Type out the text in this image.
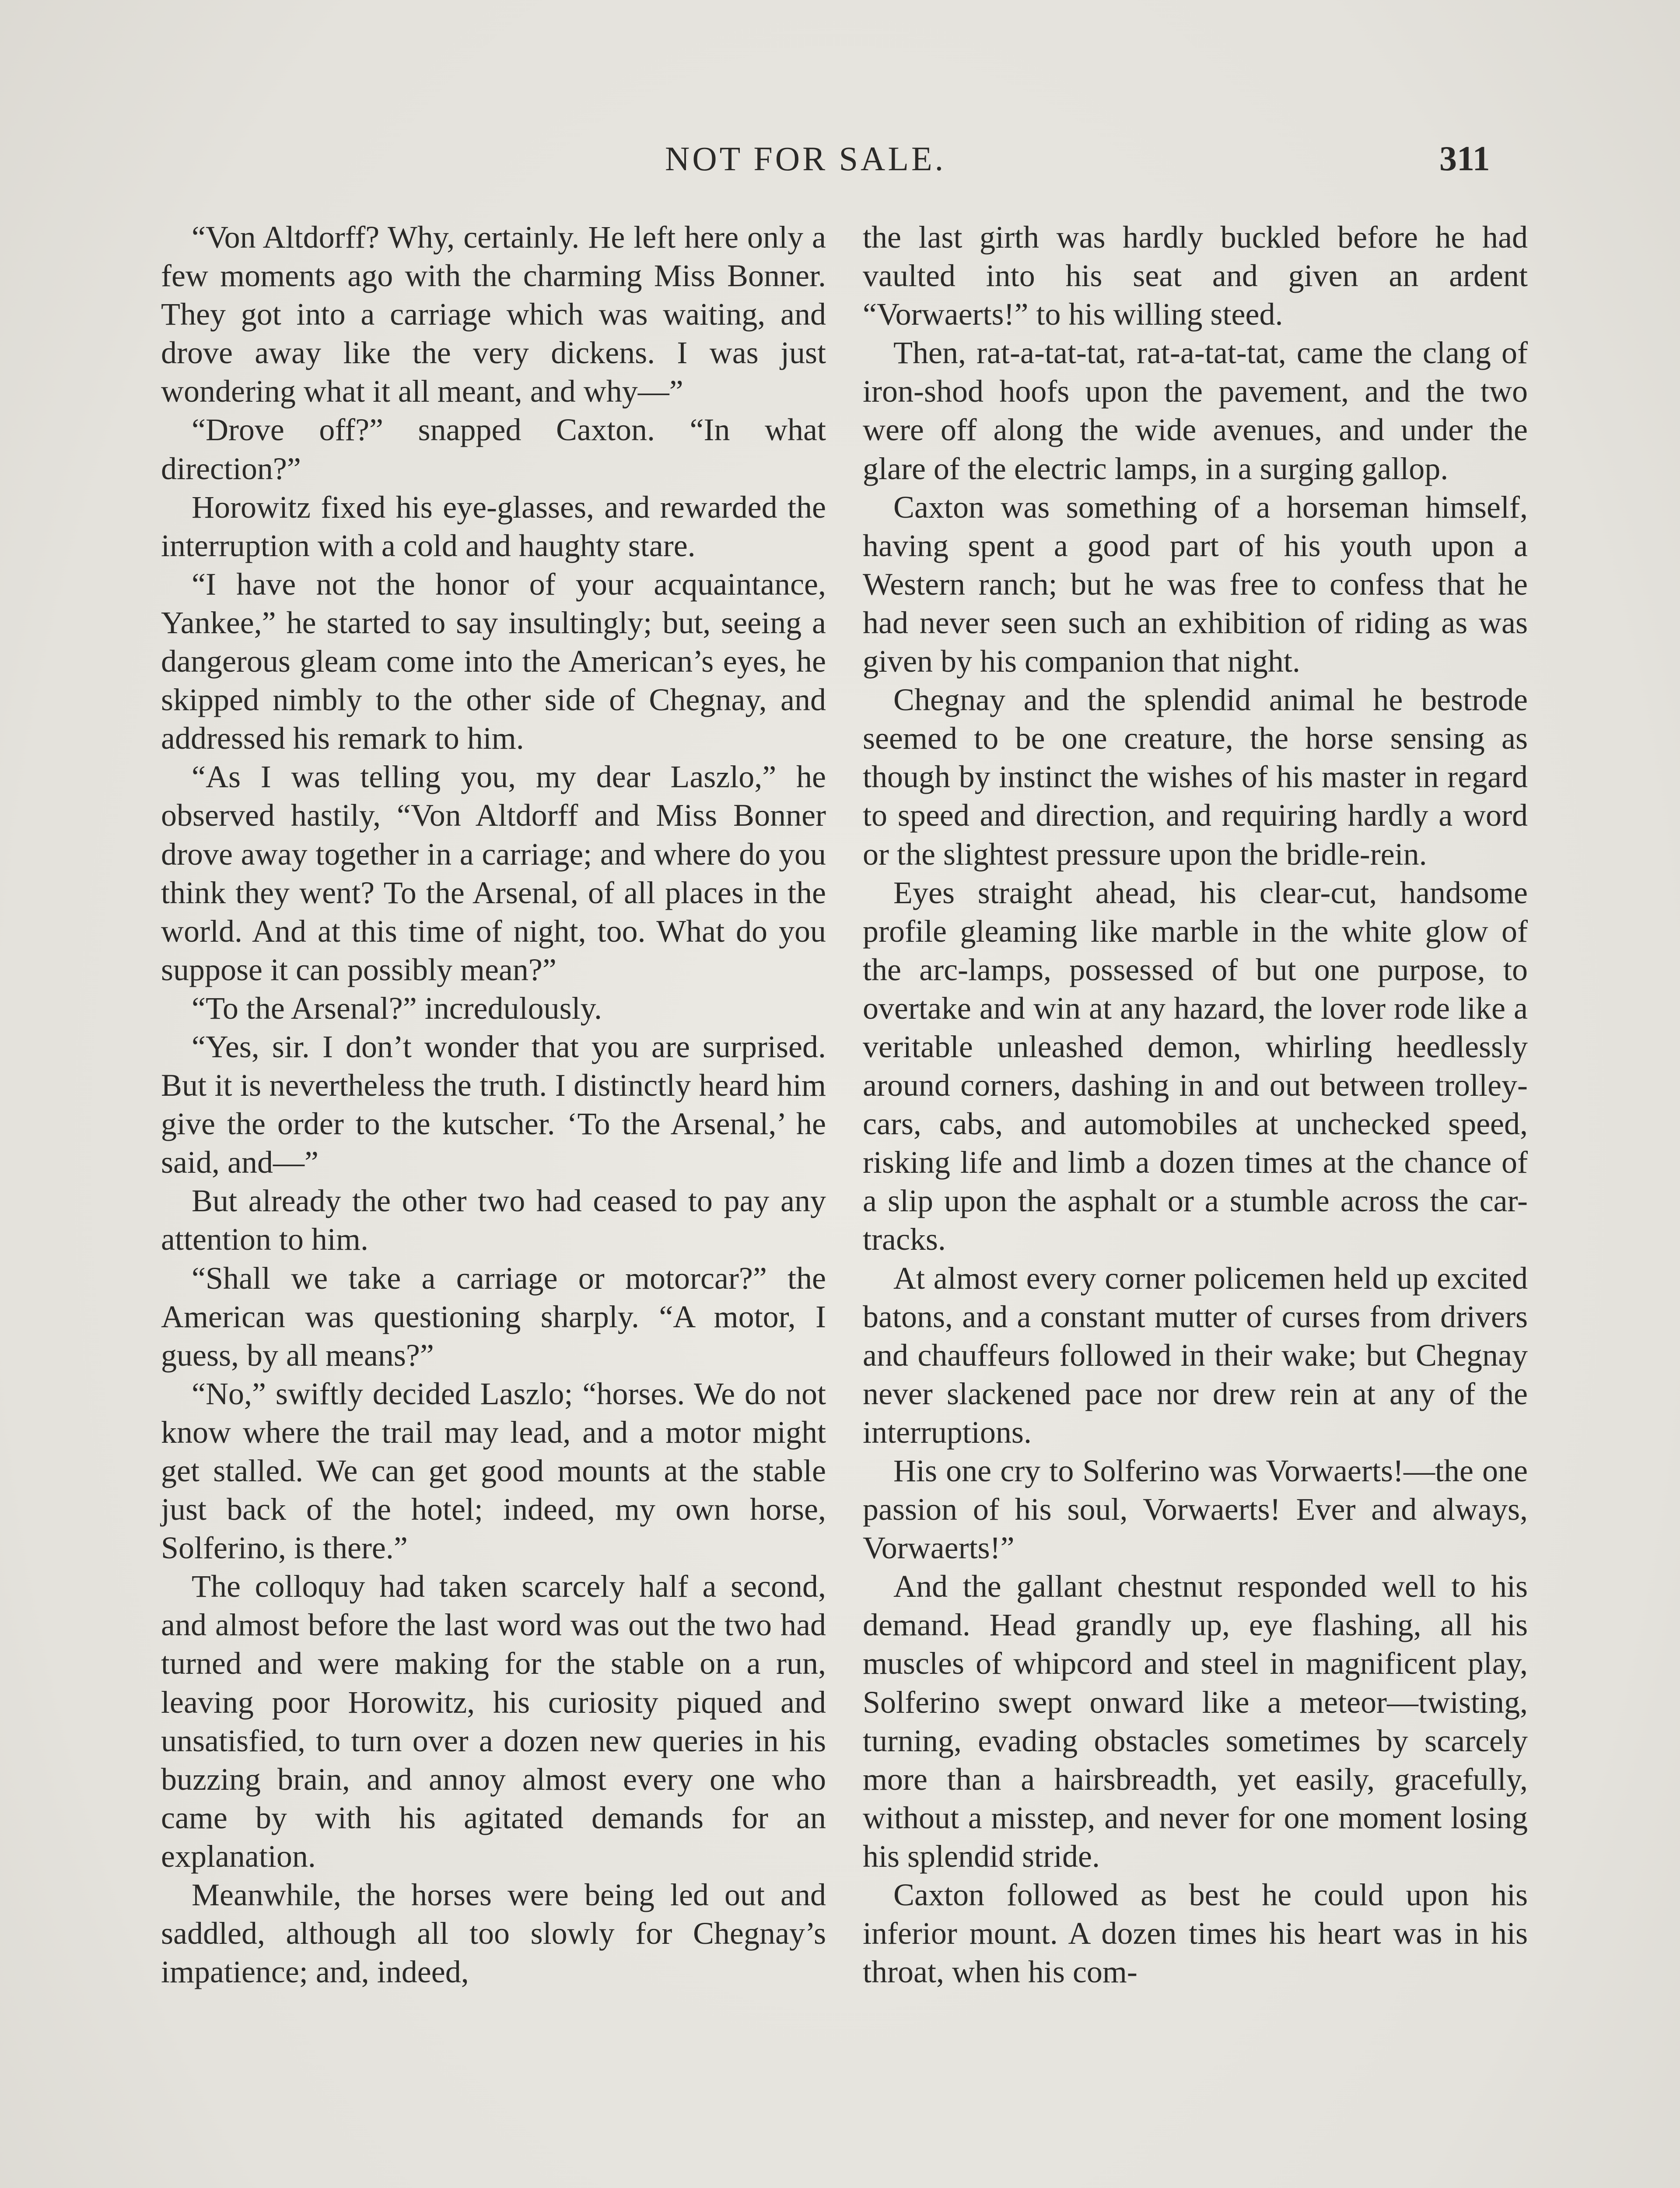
NOT FOR SALE.	311

“Von Altdorff? Why, certainly. He left here only a few moments ago with the charming Miss Bonner. They got into a carriage which was waiting, and drove away like the very dickens. I was just wondering what it all meant, and why—”

“Drove off?” snapped Caxton. “In what direction?”

Horowitz fixed his eye-glasses, and rewarded the interruption with a cold and haughty stare.

“I have not the honor of your acquaintance, Yankee,” he started to say insultingly; but, seeing a dangerous gleam come into the American’s eyes, he skipped nimbly to the other side of Chegnay, and addressed his remark to him.

“As I was telling you, my dear Laszlo,” he observed hastily, “Von Altdorff and Miss Bonner drove away together in a carriage; and where do you think they went? To the Arsenal, of all places in the world. And at this time of night, too. What do you suppose it can possibly mean?”

“To the Arsenal?” incredulously.

“Yes, sir. I don’t wonder that you are surprised. But it is nevertheless the truth. I distinctly heard him give the order to the kutscher. ‘To the Arsenal,’ he said, and—”

But already the other two had ceased to pay any attention to him.

“Shall we take a carriage or motorcar?” the American was questioning sharply. “A motor, I guess, by all means?”

“No,” swiftly decided Laszlo; “horses. We do not know where the trail may lead, and a motor might get stalled. We can get good mounts at the stable just back of the hotel; indeed, my own horse, Solferino, is there.”

The colloquy had taken scarcely half a second, and almost before the last word was out the two had turned and were making for the stable on a run, leaving poor Horowitz, his curiosity piqued and unsatisfied, to turn over a dozen new queries in his buzzing brain, and annoy almost every one who came by with his agitated demands for an explanation.

Meanwhile, the horses were being led out and saddled, although all too slowly for Chegnay’s impatience; and, indeed,

the last girth was hardly buckled before he had vaulted into his seat and given an ardent “Vorwaerts!” to his willing steed.

Then, rat-a-tat-tat, rat-a-tat-tat, came the clang of iron-shod hoofs upon the pavement, and the two were off along the wide avenues, and under the glare of the electric lamps, in a surging gallop.

Caxton was something of a horseman himself, having spent a good part of his youth upon a Western ranch; but he was free to confess that he had never seen such an exhibition of riding as was given by his companion that night.

Chegnay and the splendid animal he bestrode seemed to be one creature, the horse sensing as though by instinct the wishes of his master in regard to speed and direction, and requiring hardly a word or the slightest pressure upon the bridle-rein.

Eyes straight ahead, his clear-cut, handsome profile gleaming like marble in the white glow of the arc-lamps, possessed of but one purpose, to overtake and win at any hazard, the lover rode like a veritable unleashed demon, whirling heedlessly around corners, dashing in and out between trolley-cars, cabs, and automobiles at unchecked speed, risking life and limb a dozen times at the chance of a slip upon the asphalt or a stumble across the car-tracks.

At almost every corner policemen held up excited batons, and a constant mutter of curses from drivers and chauffeurs followed in their wake; but Chegnay never slackened pace nor drew rein at any of the interruptions.

His one cry to Solferino was Vorwaerts!—the one passion of his soul, Vorwaerts! Ever and always, Vorwaerts!”

And the gallant chestnut responded well to his demand. Head grandly up, eye flashing, all his muscles of whipcord and steel in magnificent play, Solferino swept onward like a meteor—twisting, turning, evading obstacles sometimes by scarcely more than a hairsbreadth, yet easily, gracefully, without a misstep, and never for one moment losing his splendid stride.

Caxton followed as best he could upon his inferior mount. A dozen times his heart was in his throat, when his com-
